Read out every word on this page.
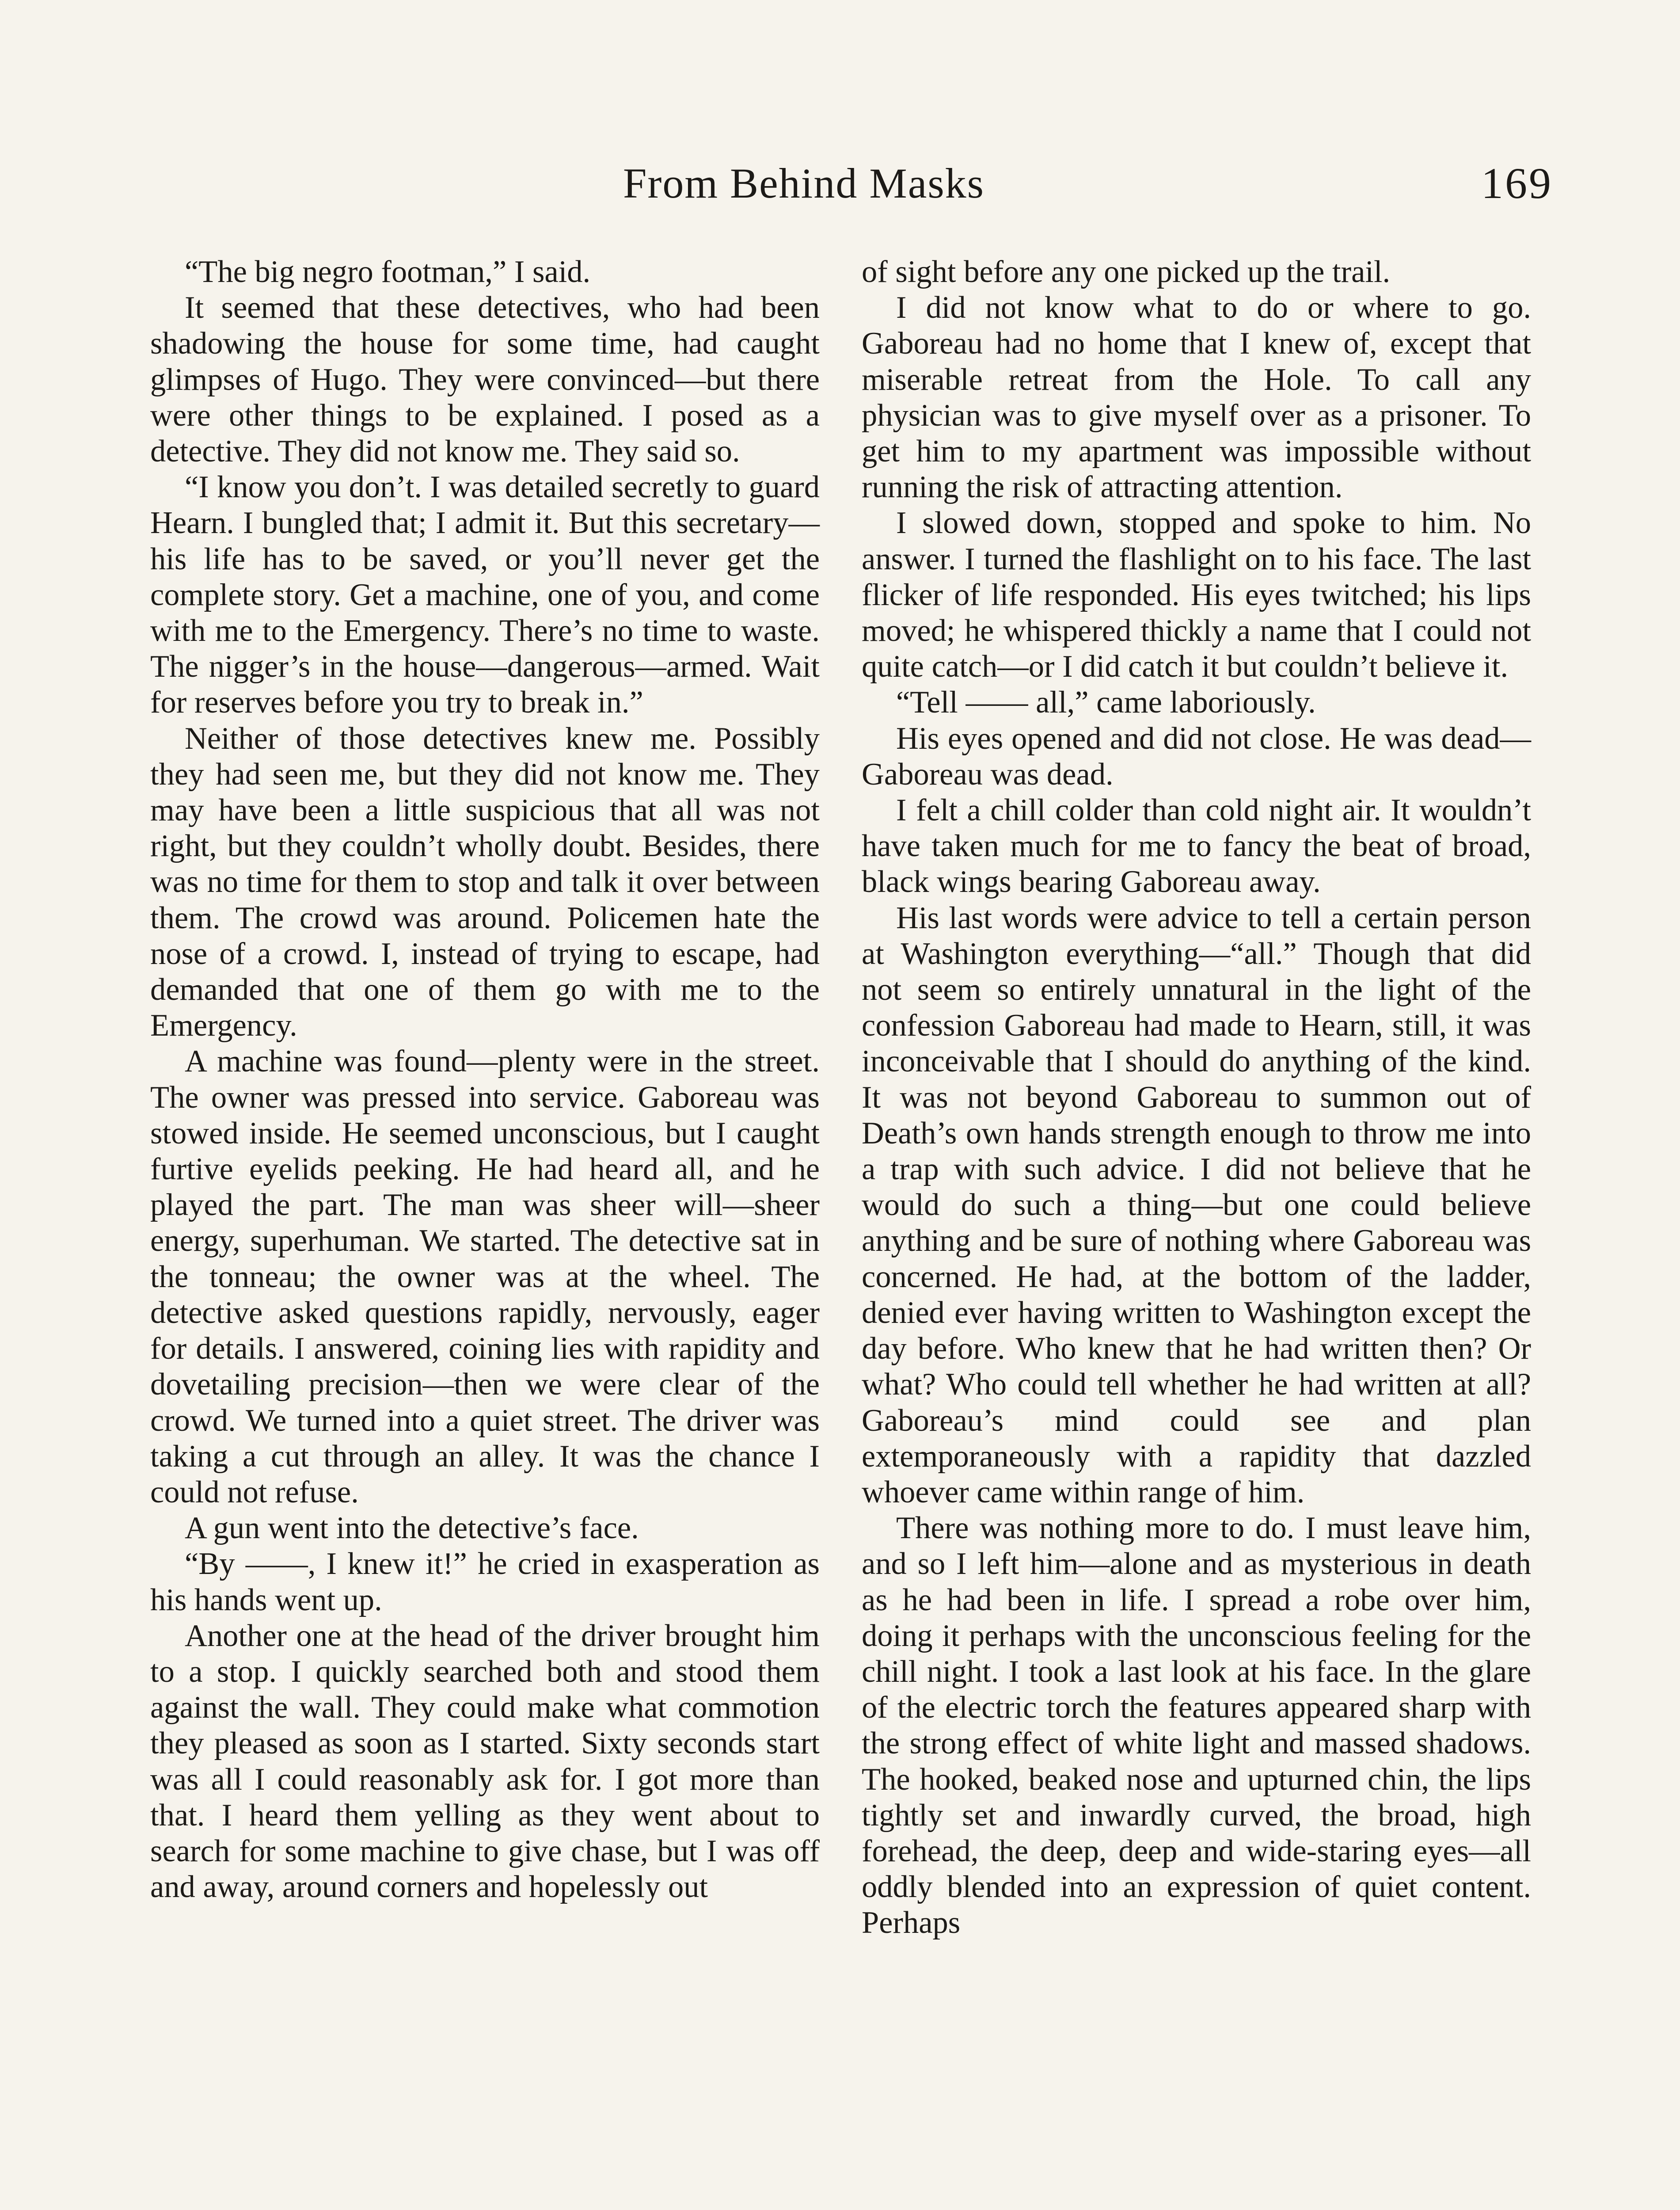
From Behind Masks	169

“The big negro footman,” I said.

It seemed that these detectives, who had been shadowing the house for some time, had caught glimpses of Hugo. They were convinced—but there were other things to be explained. I posed as a detective. They did not know me. They said so.

“I know you don’t. I was detailed secretly to guard Hearn. I bungled that; I admit it. But this secretary—his life has to be saved, or you’ll never get the complete story. Get a machine, one of you, and come with me to the Emergency. There’s no time to waste. The nigger’s in the house—dangerous—armed. Wait for reserves before you try to break in.”

Neither of those detectives knew me. Possibly they had seen me, but they did not know me. They may have been a little suspicious that all was not right, but they couldn’t wholly doubt. Besides, there was no time for them to stop and talk it over between them. The crowd was around. Policemen hate the nose of a crowd. I, instead of trying to escape, had demanded that one of them go with me to the Emergency.

A machine was found—plenty were in the street. The owner was pressed into service. Gaboreau was stowed inside. He seemed unconscious, but I caught furtive eyelids peeking. He had heard all, and he played the part. The man was sheer will—sheer energy, superhuman. We started. The detective sat in the tonneau; the owner was at the wheel. The detective asked questions rapidly, nervously, eager for details. I answered, coining lies with rapidity and dovetailing precision—then we were clear of the crowd. We turned into a quiet street. The driver was taking a cut through an alley. It was the chance I could not refuse.

A gun went into the detective’s face.

“By ——, I knew it!” he cried in exasperation as his hands went up.

Another one at the head of the driver brought him to a stop. I quickly searched both and stood them against the wall. They could make what commotion they pleased as soon as I started. Sixty seconds start was all I could reasonably ask for. I got more than that. I heard them yelling as they went about to search for some machine to give chase, but I was off and away, around corners and hopelessly out

of sight before any one picked up the trail.

I did not know what to do or where to go. Gaboreau had no home that I knew of, except that miserable retreat from the Hole. To call any physician was to give myself over as a prisoner. To get him to my apartment was impossible without running the risk of attracting attention.

I slowed down, stopped and spoke to him. No answer. I turned the flashlight on to his face. The last flicker of life responded. His eyes twitched; his lips moved; he whispered thickly a name that I could not quite catch—or I did catch it but couldn’t believe it.

“Tell —— all,” came laboriously.

His eyes opened and did not close. He was dead—Gaboreau was dead.

I felt a chill colder than cold night air. It wouldn’t have taken much for me to fancy the beat of broad, black wings bearing Gaboreau away.

His last words were advice to tell a certain person at Washington everything—“all.” Though that did not seem so entirely unnatural in the light of the confession Gaboreau had made to Hearn, still, it was inconceivable that I should do anything of the kind. It was not beyond Gaboreau to summon out of Death’s own hands strength enough to throw me into a trap with such advice. I did not believe that he would do such a thing—but one could believe anything and be sure of nothing where Gaboreau was concerned. He had, at the bottom of the ladder, denied ever having written to Washington except the day before. Who knew that he had written then? Or what? Who could tell whether he had written at all? Gaboreau’s mind could see and plan extemporaneously with a rapidity that dazzled whoever came within range of him.

There was nothing more to do. I must leave him, and so I left him—alone and as mysterious in death as he had been in life. I spread a robe over him, doing it perhaps with the unconscious feeling for the chill night. I took a last look at his face. In the glare of the electric torch the features appeared sharp with the strong effect of white light and massed shadows. The hooked, beaked nose and upturned chin, the lips tightly set and inwardly curved, the broad, high forehead, the deep, deep and wide-staring eyes—all oddly blended into an expression of quiet content. Perhaps
